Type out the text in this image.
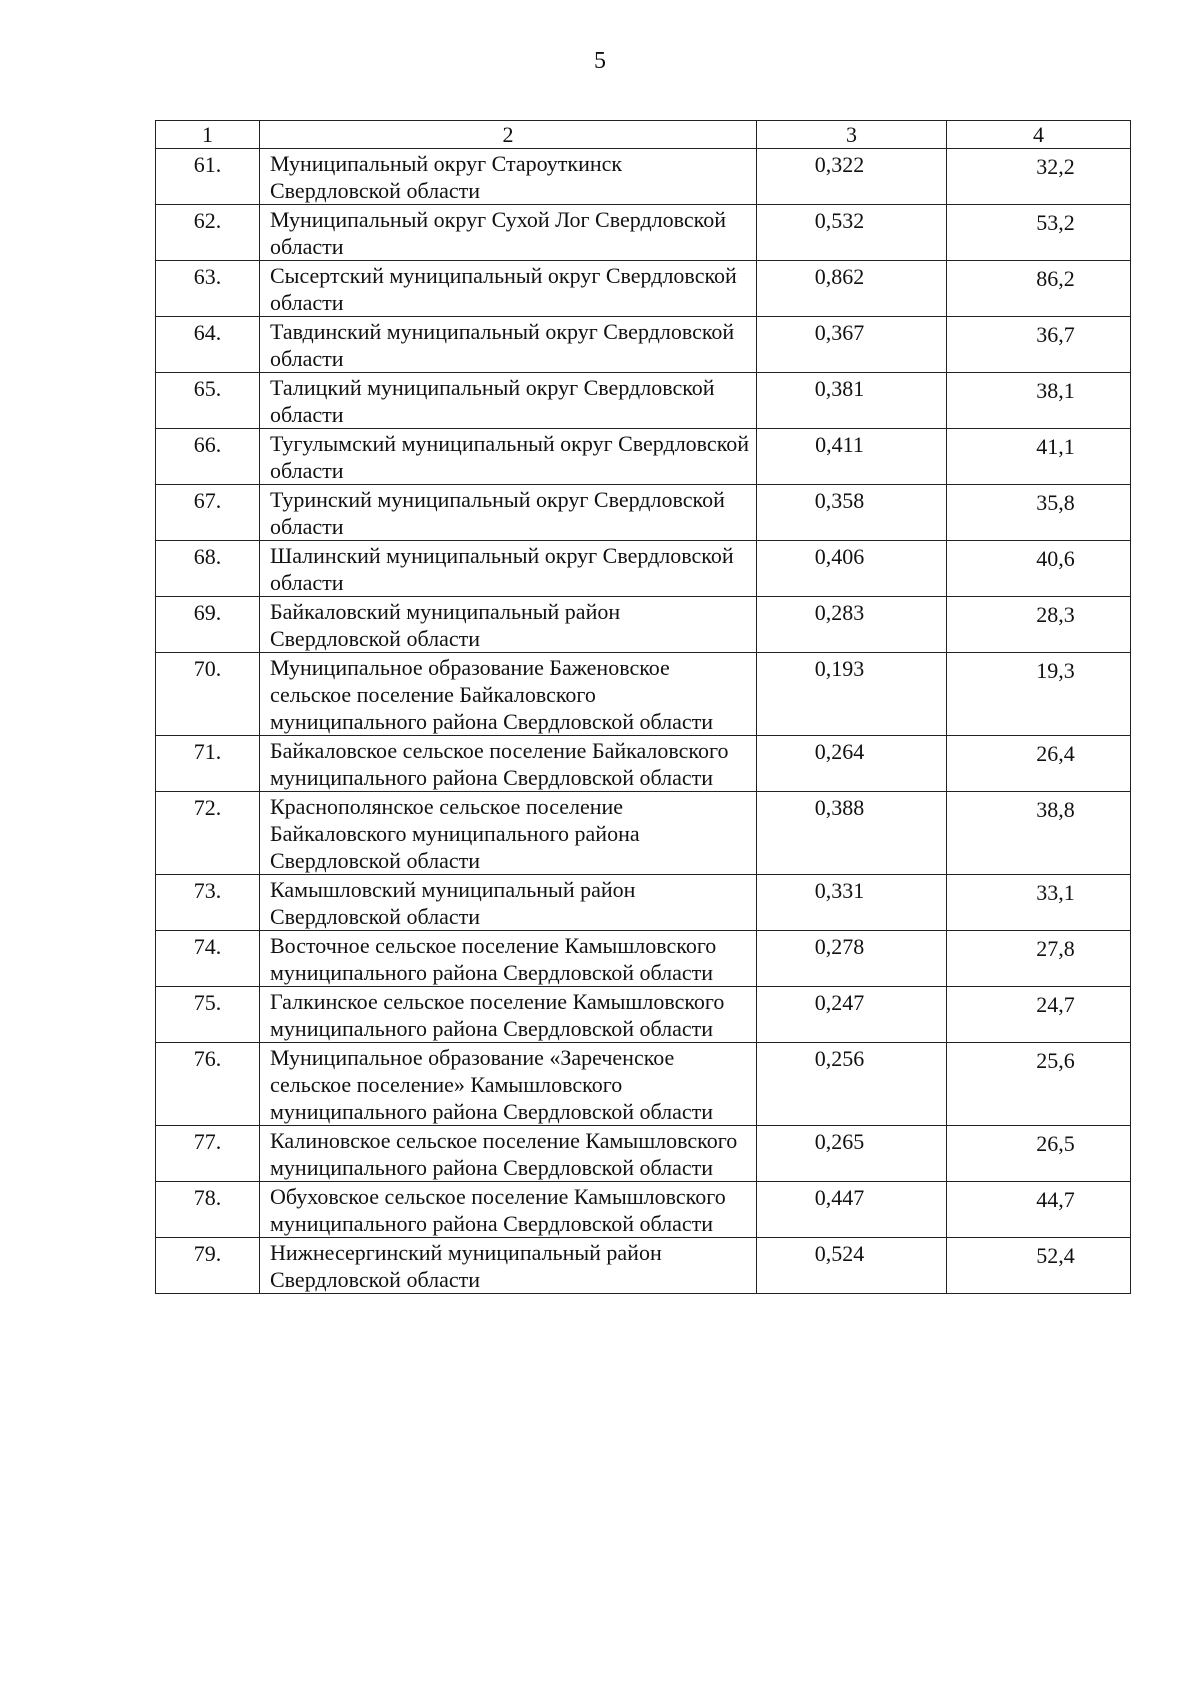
5
1	2	3	4
61.	Муниципальный округ Староуткинск Свердловской области	0,322	32,2
62.	Муниципальный округ Сухой Лог Свердловской области	0,532	53,2
63.	Сысертский муниципальный округ Свердловской области	0,862	86,2
64.	Тавдинский муниципальный округ Свердловской области	0,367	36,7
65.	Талицкий муниципальный округ Свердловской области	0,381	38,1
66.	Тугулымский муниципальный округ Свердловской области	0,411	41,1
67.	Туринский муниципальный округ Свердловской области	0,358	35,8
68.	Шалинский муниципальный округ Свердловской области	0,406	40,6
69.	Байкаловский муниципальный район Свердловской области	0,283	28,3
70.	Муниципальное образование Баженовское сельское поселение Байкаловского муниципального района Свердловской области	0,193	19,3
71.	Байкаловское сельское поселение Байкаловского муниципального района Свердловской области	0,264	26,4
72.	Краснополянское сельское поселение Байкаловского муниципального района Свердловской области	0,388	38,8
73.	Камышловский муниципальный район Свердловской области	0,331	33,1
74.	Восточное сельское поселение Камышловского муниципального района Свердловской области	0,278	27,8
75.	Галкинское сельское поселение Камышловского муниципального района Свердловской области	0,247	24,7
76.	Муниципальное образование «Зареченское сельское поселение» Камышловского муниципального района Свердловской области	0,256	25,6
77.	Калиновское сельское поселение Камышловского муниципального района Свердловской области	0,265	26,5
78.	Обуховское сельское поселение Камышловского муниципального района Свердловской области	0,447	44,7
79.	Нижнесергинский муниципальный район Свердловской области	0,524	52,4
